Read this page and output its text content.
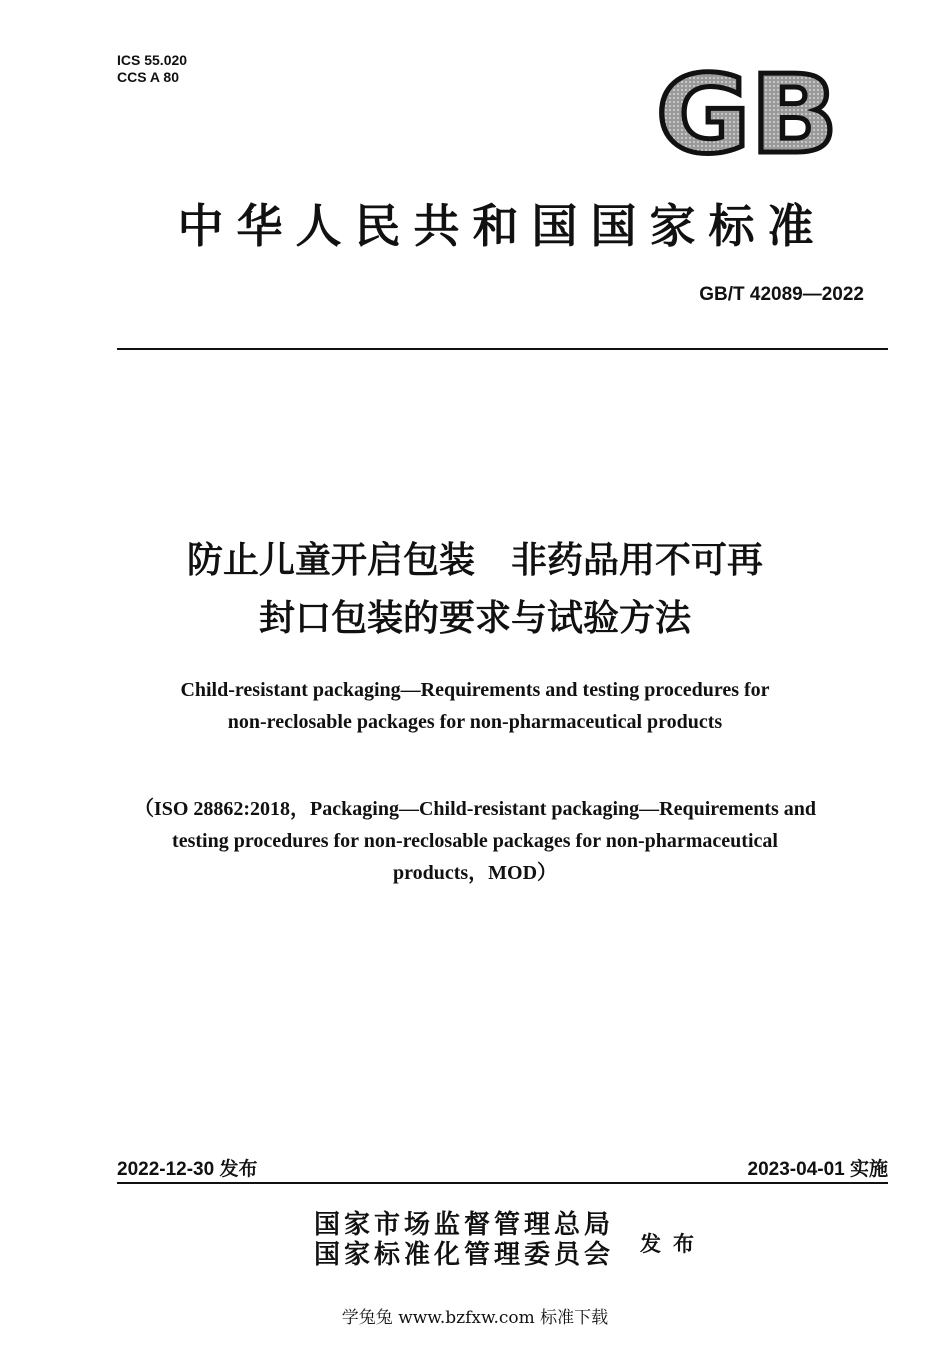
ICS 55.020
CCS A 80	GB
中华人民共和国国家标准
GB/T 42089—2022
防止儿童开启包装　非药品用不可再
封口包装的要求与试验方法
Child-resistant packaging—Requirements and testing procedures for
non-reclosable packages for non-pharmaceutical products
（ISO 28862:2018，Packaging—Child-resistant packaging—Requirements and
testing procedures for non-reclosable packages for non-pharmaceutical
products，MOD）
2022-12-30 发布	2023-04-01 实施
国家市场监督管理总局
国家标准化管理委员会 发布
学兔兔 www.bzfxw.com 标准下载
